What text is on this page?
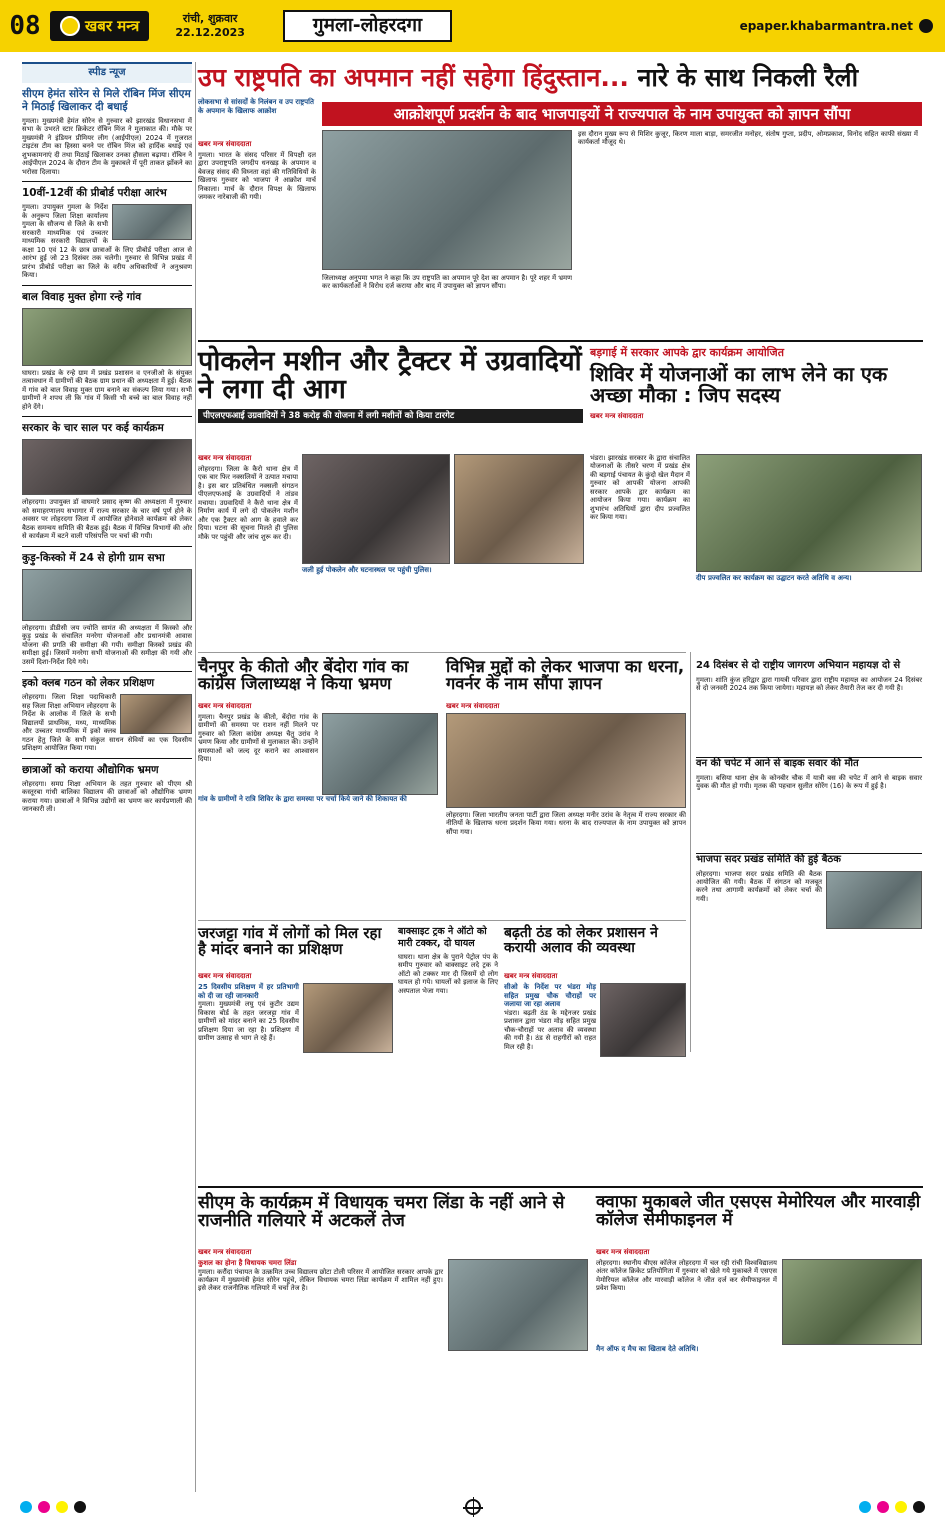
08	खबर मन्त्र	रांची, शुक्रवार
22.12.2023	गुमला-लोहरदगा	epaper.khabarmantra.net
स्पीड न्यूज
सीएम हेमंत सोरेन से मिले रॉबिन मिंज सीएम ने मिठाई खिलाकर दी बधाई
गुमला। मुख्यमंत्री हेमंत सोरेन से गुरुवार को झारखंड विधानसभा में सभा के उभरते स्टार क्रिकेटर रॉबिन मिंज ने मुलाकात की। मौके पर मुख्यमंत्री ने इंडियन प्रीमियर लीग (आईपीएल) 2024 में गुजरात टाइटंस टीम का हिस्सा बनने पर रॉबिन मिंज को हार्दिक बधाई एवं शुभकामनाएं दी तथा मिठाई खिलाकर उनका हौसला बढ़ाया। रॉबिन ने आईपीएल 2024 के दौरान टीम के मुकाबले में पूरी ताकत झोंकने का भरोसा दिलाया।
10वीं-12वीं की प्रीबोर्ड परीक्षा आरंभ
गुमला। उपायुक्त गुमला के निर्देश के अनुरूप जिला शिक्षा कार्यालय गुमला के सौजन्य से जिले के सभी सरकारी माध्यमिक एवं उच्चतर माध्यमिक सरकारी विद्यालयों के कक्षा 10 एवं 12 के छात्र छात्राओं के लिए प्रीबोर्ड परीक्षा आज से आरंभ हुई जो 23 दिसंबर तक चलेगी। गुरुवार से विभिन्न प्रखंड में प्रारंभ प्रीबोर्ड परीक्षा का जिले के वरीय अधिकारियों ने अनुश्रवण किया।
बाल विवाह मुक्त होगा रन्हे गांव
घाघरा। प्रखंड के रन्हे ग्राम में प्रखंड प्रशासन व एनजीओ के संयुक्त तत्वावधान में ग्रामीणों की बैठक ग्राम प्रधान की अध्यक्षता में हुई। बैठक में गांव को बाल विवाह मुक्त ग्राम बनाने का संकल्प लिया गया। सभी ग्रामीणों ने शपथ ली कि गांव में किसी भी बच्चे का बाल विवाह नहीं होने देंगे।
सरकार के चार साल पर कई कार्यक्रम
लोहरदगा। उपायुक्त डॉ वाघमारे प्रसाद कृष्ण की अध्यक्षता में गुरुवार को समाहरणालय सभागार में राज्य सरकार के चार वर्ष पूर्ण होने के अवसर पर लोहरदगा जिला में आयोजित होनेवाले कार्यक्रम को लेकर बैठक समन्वय समिति की बैठक हुई। बैठक में विभिन्न विभागों की ओर से कार्यक्रम में बटने वाली परिसंपत्ति पर चर्चा की गयी।
कुड़ु-किस्को में 24 से होगी ग्राम सभा
लोहरदगा। डीडीसी जय ज्योति सामंत की अध्यक्षता में किस्को और कुड़ु प्रखंड के संचालित मनरेगा योजनाओं और प्रधानमंत्री आवास योजना की प्रगति की समीक्षा की गयी। समीक्षा किस्को प्रखंड की समीक्षा हुई। जिसमें मनरेगा सभी योजनाओं की समीक्षा की गयी और उसमें दिशा-निर्देश दिये गये।
इको क्लब गठन को लेकर प्रशिक्षण
लोहरदगा। जिला शिक्षा पदाधिकारी सह जिला शिक्षा अभियान लोहरदगा के निर्देश के आलोक में जिले के सभी विद्यालयों प्राथमिक, मध्य, माध्यमिक और उच्चतर माध्यमिक में इको क्लब गठन हेतु जिले के सभी संकुल साधन सेवियों का एक दिवसीय प्रशिक्षण आयोजित किया गया।
छात्राओं को कराया औद्योगिक भ्रमण
लोहरदगा। समग्र शिक्षा अभियान के तहत गुरुवार को पीएम श्री कस्तूरबा गांधी बालिका विद्यालय की छात्राओं को औद्योगिक भ्रमण कराया गया। छात्राओं ने विभिन्न उद्योगों का भ्रमण कर कार्यप्रणाली की जानकारी ली।
उप राष्ट्रपति का अपमान नहीं सहेगा हिंदुस्तान... नारे के साथ निकली रैली
लोकसभा से सांसदों के निलंबन व उप राष्ट्रपति के अपमान के खिलाफ आक्रोश	आक्रोशपूर्ण प्रदर्शन के बाद भाजपाइयों ने राज्यपाल के नाम उपायुक्त को ज्ञापन सौंपा
खबर मन्त्र संवाददाता
गुमला। भारत के संसद परिसर में विपक्षी दल द्वारा उपराष्ट्रपति जगदीप धनखड़ के अपमान व बेवजह संसद की विघ्नता वहां की गतिविधियों के खिलाफ गुरुवार को भाजपा ने आक्रोश मार्च निकाला। मार्च के दौरान विपक्ष के खिलाफ जमकर नारेबाजी की गयी।
जिलाध्यक्ष अनुपमा भगत ने कहा कि उप राष्ट्रपति का अपमान पूरे देश का अपमान है। पूरे शहर में भ्रमण कर कार्यकर्ताओं ने विरोध दर्ज कराया और बाद में उपायुक्त को ज्ञापन सौंपा।
इस दौरान मुख्य रूप से मिशिर कुजूर, किरण माला बाड़ा, समरजीत मनोहर, संतोष गुप्ता, प्रदीप, ओमप्रकाश, विनोद सहित काफी संख्या में कार्यकर्ता मौजूद थे।
पोकलेन मशीन और ट्रैक्टर में उग्रवादियों ने लगा दी आग
पीएलएफआई उग्रवादियों ने 38 करोड़ की योजना में लगी मशीनों को किया टारगेट
खबर मन्त्र संवाददाता
लोहरदगा। जिला के कैरो थाना क्षेत्र में एक बार फिर नक्सलियों ने उत्पात मचाया है। इस बार प्रतिबंधित नक्सली संगठन पीएलएफआई के उग्रवादियों ने तांडव मचाया। उग्रवादियों ने कैरो थाना क्षेत्र में निर्माण कार्य में लगे दो पोकलेन मशीन और एक ट्रैक्टर को आग के हवाले कर दिया। घटना की सूचना मिलते ही पुलिस मौके पर पहुंची और जांच शुरू कर दी।
जली हुई पोकलेन और घटनास्थल पर पहुंची पुलिस।
बड़गाई में सरकार आपके द्वार कार्यक्रम आयोजित
शिविर में योजनाओं का लाभ लेने का एक अच्छा मौका : जिप सदस्य
खबर मन्त्र संवाददाता
भंडरा। झारखंड सरकार के द्वारा संचालित योजनाओं के तीसरे चरण में प्रखंड क्षेत्र की बड़गाई पंचायत के कुंदो खेल मैदान में गुरुवार को आपकी योजना आपकी सरकार आपके द्वार कार्यक्रम का आयोजन किया गया। कार्यक्रम का शुभारंभ अतिथियों द्वारा दीप प्रज्वलित कर किया गया।
दीप प्रज्वलित कर कार्यक्रम का उद्घाटन करते अतिथि व अन्य।
चैनपुर के कीतो और बेंदोरा गांव का कांग्रेस जिलाध्यक्ष ने किया भ्रमण
खबर मन्त्र संवाददाता
गुमला। चैनपुर प्रखंड के कीतो, बेंदोरा गांव के ग्रामीणों की समस्या पर राशन नहीं मिलने पर गुरुवार को जिला कांग्रेस अध्यक्ष चैतु उरांव ने भ्रमण किया और ग्रामीणों से मुलाकात की। उन्होंने समस्याओं को जल्द दूर कराने का आश्वासन दिया।
गांव के ग्रामीणों ने रात्रि शिविर के द्वारा समस्या पर चर्चा किये जाने की शिकायत की
विभिन्न मुद्दों को लेकर भाजपा का धरना, गवर्नर के नाम सौंपा ज्ञापन
खबर मन्त्र संवाददाता
लोहरदगा। जिला भारतीय जनता पार्टी द्वारा जिला अध्यक्ष मनीर उरांव के नेतृत्व में राज्य सरकार की नीतियों के खिलाफ धरना प्रदर्शन किया गया। धरना के बाद राज्यपाल के नाम उपायुक्त को ज्ञापन सौंपा गया।
24 दिसंबर से दो राष्ट्रीय जागरण अभियान महायज्ञ दो से
गुमला। शांति कुंज हरिद्वार द्वारा गायत्री परिवार द्वारा राष्ट्रीय महायज्ञ का आयोजन 24 दिसंबर से दो जनवरी 2024 तक किया जायेगा। महायज्ञ को लेकर तैयारी तेज कर दी गयी है।
वन की चपेट में आने से बाइक सवार की मौत
गुमला। बसिया थाना क्षेत्र के कोनबीर चौक में यात्री बस की चपेट में आने से बाइक सवार युवक की मौत हो गयी। मृतक की पहचान सुलीत सोरेंग (16) के रूप में हुई है।
भाजपा सदर प्रखंड समिति की हुई बैठक
लोहरदगा। भाजपा सदर प्रखंड समिति की बैठक आयोजित की गयी। बैठक में संगठन को मजबूत करने तथा आगामी कार्यक्रमों को लेकर चर्चा की गयी।
जरजट्टा गांव में लोगों को मिल रहा है मांदर बनाने का प्रशिक्षण
खबर मन्त्र संवाददाता
25 दिवसीय प्रशिक्षण में हर प्रतिभागी को दी जा रही जानकारी
गुमला। मुख्यमंत्री लघु एवं कुटीर उद्यम विकास बोर्ड के तहत जरजट्टा गांव में ग्रामीणों को मांदर बनाने का 25 दिवसीय प्रशिक्षण दिया जा रहा है। प्रशिक्षण में ग्रामीण उत्साह से भाग ले रहे हैं।
बाक्साइट ट्रक ने ऑटो को मारी टक्कर, दो घायल
घाघरा। थाना क्षेत्र के पुराने पेट्रोल पंप के समीप गुरुवार को बाक्साइट लदे ट्रक ने ऑटो को टक्कर मार दी जिसमें दो लोग घायल हो गये। घायलों को इलाज के लिए अस्पताल भेजा गया।
बढ़ती ठंड को लेकर प्रशासन ने करायी अलाव की व्यवस्था
खबर मन्त्र संवाददाता
सीओ के निर्देश पर भंडरा मोड़ सहित प्रमुख चौक चौराहों पर जलाया जा रहा अलाव
भंडरा। बढ़ती ठंड के मद्देनजर प्रखंड प्रशासन द्वारा भंडरा मोड़ सहित प्रमुख चौक-चौराहों पर अलाव की व्यवस्था की गयी है। ठंड से राहगीरों को राहत मिल रही है।
सीएम के कार्यक्रम में विधायक चमरा लिंडा के नहीं आने से राजनीति गलियारे में अटकलें तेज
खबर मन्त्र संवाददाता
कुशल का होना है विधायक चमरा लिंडा
गुमला। करौंदा पंचायत के उत्क्रमित उच्च विद्यालय छोटा टोली परिसर में आयोजित सरकार आपके द्वार कार्यक्रम में मुख्यमंत्री हेमंत सोरेन पहुंचे, लेकिन विधायक चमरा लिंडा कार्यक्रम में शामिल नहीं हुए। इसे लेकर राजनीतिक गलियारे में चर्चा तेज है।
क्वाफा मुकाबले जीत एसएस मेमोरियल और मारवाड़ी कॉलेज सेमीफाइनल में
खबर मन्त्र संवाददाता
लोहरदगा। स्थानीय बीएस कॉलेज लोहरदगा में चल रही रांची विश्वविद्यालय अंतर कॉलेज क्रिकेट प्रतियोगिता में गुरुवार को खेले गये मुकाबले में एसएस मेमोरियल कॉलेज और मारवाड़ी कॉलेज ने जीत दर्ज कर सेमीफाइनल में प्रवेश किया।
मैन ऑफ द मैच का खिताब देते अतिथि।
